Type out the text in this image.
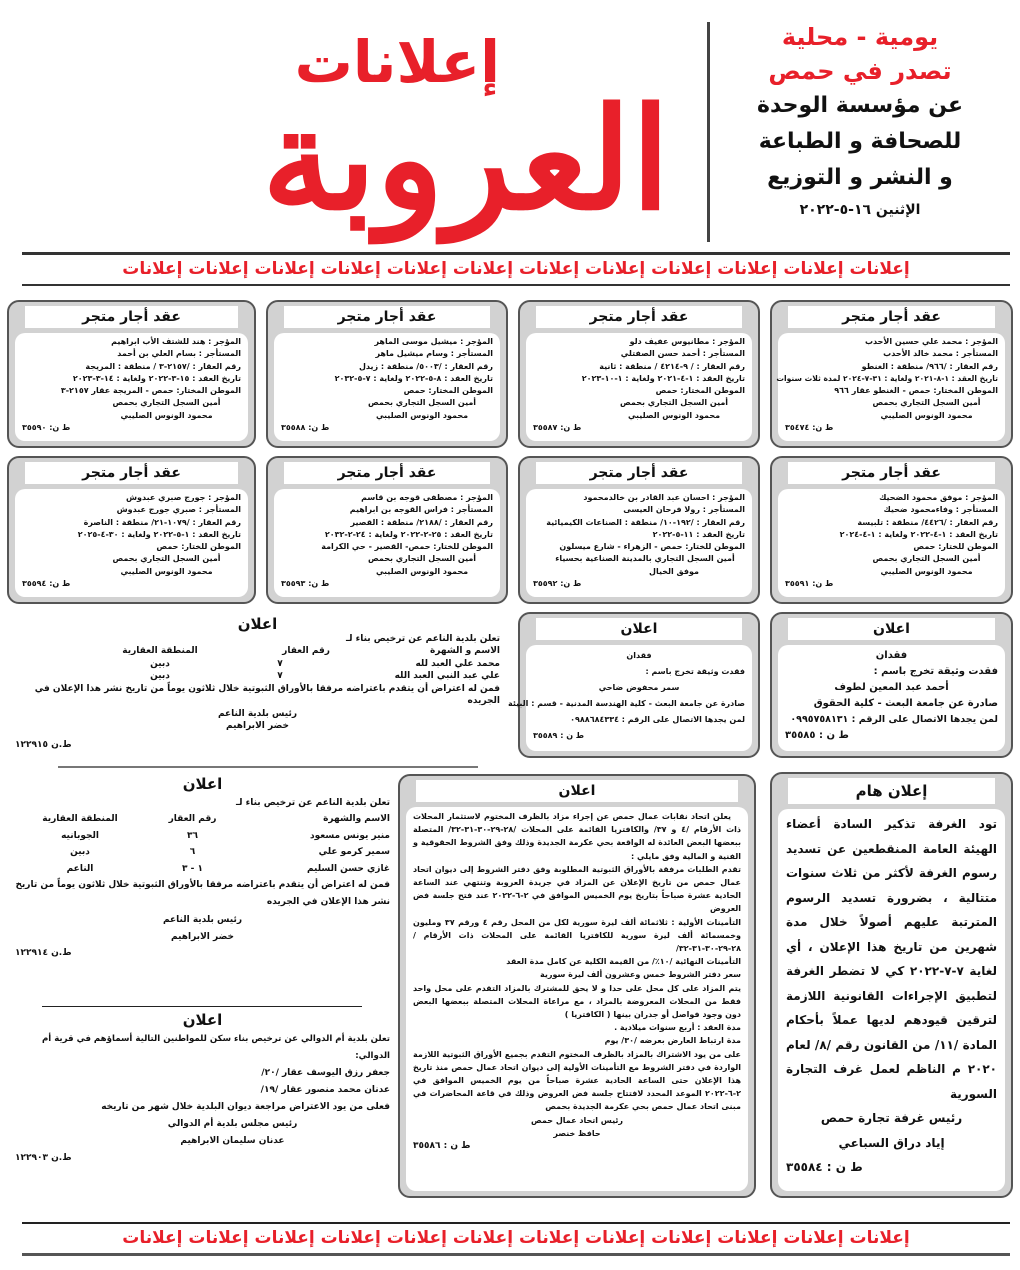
إعلانات
العروبة
يومية - محلية
تصدر في حمص
عن مؤسسة الوحدة
للصحافة و الطباعة
و النشر و التوزيع
الإثنين ١٦-٥-٢٠٢٢
إعلانات إعلانات إعلانات إعلانات إعلانات إعلانات إعلانات إعلانات إعلانات إعلانات إعلانات إعلانات
عقد أجار متجر
المؤجر : محمد علي حسين الأحدب
المستأجر : محمد خالد الأحدب
رقم العقار : /٩٦٦/ منطقة : الغنطو
تاريخ العقد : ١-٨-٢٠٢١ ولغاية : ٣١-٧-٢٠٢٤ لمدة ثلاث سنوات
الموطن المختار: حمص - الغنطو عقار ٩٦٦
أمين السجل التجاري بحمص
محمود الونوس الصليبي
ط ن: ٣٥٤٧٤
عقد أجار متجر
المؤجر : مطانيوس عفيف دلو
المستأجر : أحمد حسن الصفتلي
رقم العقار : / ٩-٤٢١٤ / منطقة : ثانية
تاريخ العقد : ١-٤-٢٠٢١ ولغاية : ١-١٠-٢٠٢٣
الموطن المختار: حمص
أمين السجل التجاري بحمص
محمود الونوس الصليبي
ط ن: ٣٥٥٨٧
عقد أجار متجر
المؤجر : ميشيل موسى الماهر
المستأجر : وسام ميشيل ماهر
رقم العقار : /٥٠٠٣/ منطقة : زيدل
تاريخ العقد : ٨-٥-٢٠٢٢ ولغاية : ٧-٥-٢٠٣٢
الموطن المختار: حمص
أمين السجل التجاري بحمص
محمود الونوس الصليبي
ط ن: ٣٥٥٨٨
عقد أجار متجر
المؤجر : هند للشتف الأب ابراهيم
المستأجر : بسام العلي بن أحمد
رقم العقار : /٢١٥٧-٣ / منطقة : المريجة
تاريخ العقد : ١٥-٣-٢٠٢٢ ولغاية : ١٤-٣-٢٠٢٣
الموطن المختار: حمص - المريجة عقار ٢١٥٧-٣
أمين السجل التجاري بحمص
محمود الونوس الصليبي
ط ن: ٣٥٥٩٠
عقد أجار متجر
المؤجر : موفق محمود الضحيك
المستأجر : وفاءمحمود ضحيك
رقم العقار : /٤٤٢٦/ منطقة : تلبيسة
تاريخ العقد : ١-٤-٢٠٢٢ ولغاية : ١-٤-٢٠٢٤
الموطن للختار: حمص
أمين السجل التجاري بحمص
محمود الونوس الصليبي
ط ن: ٣٥٥٩١
عقد أجار متجر
المؤجر : احسان عبد القادر بن خالدمحمود
المستأجر : رولا فرحان العيسى
رقم العقار : /١٩٢-١٠/ منطقة : الصناعات الكيميائية
تاريخ العقد : ١١-٥-٢٠٢٢
الموطن للختار: حمص - الزهراء - شارع ميسلون
أمين السجل التجاري بالمدينة الصناعية بحسياء
موفق الخيال
ط ن: ٣٥٥٩٢
عقد أجار متجر
المؤجر : مصطفى قوجه بن قاسم
المستأجر : فراس القوجه بن ابراهيم
رقم العقار : /٢١٨٨/ منطقة : القصير
تاريخ العقد : ٢٥-٢-٢٠٢٢ ولغاية : ٢٤-٢-٢٠٣٢
الموطن للختار: حمص- القصير - حي الكرامة
أمين السجل التجاري بحمص
محمود الونوس الصليبي
ط ن: ٣٥٥٩٣
عقد أجار متجر
المؤجر : جورج صبري عبدوش
المستأجر : صبري جورج عبدوش
رقم العقار : /١٠٧٩-٢١/ منطقة : الناصرة
تاريخ العقد : ١-٥-٢٠٢٢ ولغاية : ٣٠-٤-٢٠٢٥
الموطن للختار: حمص
أمين السجل التجاري بحمص
محمود الونوس الصليبي
ط ن: ٣٥٥٩٤
اعلان
فقدان
فقدت وثيقة تخرج باسم :
أحمد عبد المعين لطوف
صادرة عن جامعة البعث - كلية الحقوق
لمن يجدها الاتصال على الرقم : ٠٩٩٥٧٥٨١٣١
ط ن : ٣٥٥٨٥
اعلان
فقدان
فقدت وثيقة تخرج باسم :
سمر محفوض ضاحي
صادرة عن جامعة البعث - كلية الهندسة المدنية - قسم : البيئة
لمن يجدها الاتصال على الرقم : ٠٩٨٨٦٨٤٣٣٤
ط ن : ٣٥٥٨٩
اعلان
تعلن بلدية الناعم عن ترخيص بناء لـ
الاسم و الشهرة
رقم العقار
المنطقة العقارية
محمد علي العبد لله
٧
دبين
علي عبد النبي العبد الله
٧
دبين
فمن له اعتراض أن يتقدم باعتراضه مرفقا بالأوراق الثبوتية خلال ثلاثون يوماً من تاريخ نشر هذا الإعلان في الجريده
رئيس بلدية الناعم
خضر الابراهيم
ط.ن ١٢٢٩١٥
اعلان
تعلن بلدية الناعم عن ترخيص بناء لـ
الاسم والشهرة
رقم العقار
المنطقة العقارية
منير يونس مسعود
٣٦
الجوبانيه
سمير كرمو علي
٦
دبين
غازي حسن السليم
١ - ٣
الناعم
فمن له اعتراض أن يتقدم باعتراضه مرفقا بالأوراق الثبوتية خلال ثلاثون يوماً من تاريخ نشر هذا الإعلان في الجريده
رئيس بلدية الناعم
خضر الابراهيم
ط.ن ١٢٢٩١٤
اعلان
تعلن بلدية أم الدوالي عن ترخيص بناء سكن للمواطنين التالية أسماؤهم في قرية أم الدوالي:
جعفر رزق اليوسف عقار /٢٠/
عدنان محمد منصور عقار /١٩/
فعلى من يود الاعتراض مراجعة ديوان البلدية خلال شهر من تاريخه
رئيس مجلس بلدية أم الدوالي
عدنان سليمان الابراهيم
ط.ن ١٢٢٩٠٣
اعلان
يعلن اتحاد نقابات عمال حمص عن إجراء مزاد بالظرف المختوم لاستثمار المحلات ذات الأرقام /٤ و ٣٧/ والكافتريا القائمة على المحلات /٢٨-٢٩-٣٠-٣١-٣٢/ المتصلة ببعضها البعض العائدة له الواقعة بحي عكرمة الجديدة وذلك وفق الشروط الحقوقية و الفنية و المالية وفق مايلي :
تقدم الطلبات مرفقة بالأوراق الثبوتية المطلوبة وفق دفتر الشروط إلى ديوان اتحاد عمال حمص من تاريخ الإعلان عن المزاد في جريدة العروبة وتنتهي عند الساعة الحادية عشرة صباحاً بتاريخ يوم الخميس الموافق في ٢-٦-٢٠٢٢ عند فتح جلسة فض العروض
التأمينات الأولية : ثلاثمائة ألف ليرة سورية لكل من المحل رقم ٤ ورقم ٣٧ ومليون وخمسمائة ألف ليرة سورية للكافتريا القائمة على المحلات ذات الأرقام /٢٨-٢٩-٣٠-٣١-٣٢/
التأمينات النهائية /١٠٪/ من القيمة الكلية عن كامل مدة العقد
سعر دفتر الشروط خمس وعشرون ألف ليرة سورية
يتم المزاد على كل محل على حدا و لا يحق للمشترك بالمزاد التقدم على محل واحد فقط من المحلات المعروضة بالمزاد ، مع مراعاة المحلات المتصلة ببعضها البعض دون وجود فواصل أو جدران بينها ( الكافتريا )
مدة العقد : أربع سنوات ميلادية .
مدة ارتباط العارض بعرضه /٣٠/ يوم
على من يود الاشتراك بالمزاد بالظرف المختوم التقدم بجميع الأوراق الثبوتية اللازمة الواردة في دفتر الشروط مع التأمينات الأولية إلى ديوان اتحاد عمال حمص منذ تاريخ هذا الإعلان حتى الساعة الحادية عشرة صباحاً من يوم الخميس الموافق في ٢-٦-٢٠٢٢ الموعد المحدد لافتتاح جلسة فض العروض وذلك في قاعة المحاضرات في مبنى اتحاد عمال حمص بحي عكرمة الجديدة بحمص
رئيس اتحاد عمال حمص
حافظ خنصر
ط ن : ٣٥٥٨٦
إعلان هام
تود الغرفة تذكير السادة أعضاء الهيئة العامة المنقطعين عن تسديد رسوم الغرفة لأكثر من ثلاث سنوات متتالية ، بضرورة تسديد الرسوم المترتبة عليهم أصولاً خلال مدة شهرين من تاريخ هذا الإعلان ، أي لغاية ٧-٧-٢٠٢٢ كي لا تضطر الغرفة لتطبيق الإجراءات القانونية اللازمة لترقين قيودهم لديها عملاً بأحكام المادة /١١/ من القانون رقم /٨/ لعام ٢٠٢٠ م الناظم لعمل غرف التجارة السورية
رئيس غرفة تجارة حمص
إياد دراق السباعي
ط ن : ٣٥٥٨٤
إعلانات إعلانات إعلانات إعلانات إعلانات إعلانات إعلانات إعلانات إعلانات إعلانات إعلانات إعلانات
